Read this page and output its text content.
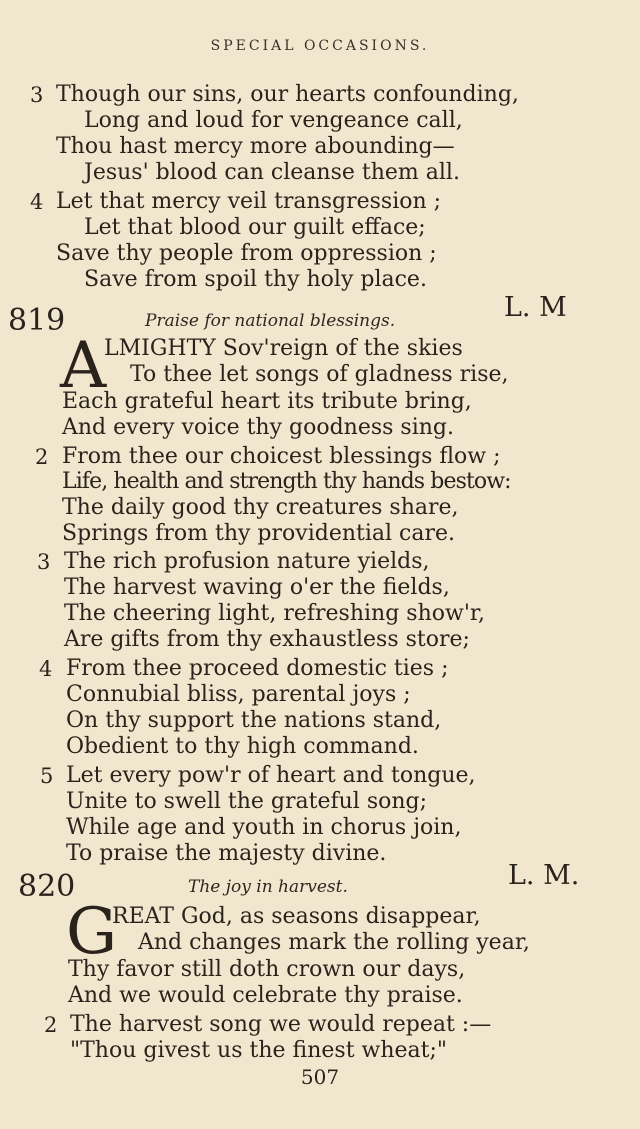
SPECIAL OCCASIONS.
3 Though our sins, our hearts confounding,
Long and loud for vengeance call,
Thou hast mercy more abounding—
Jesus' blood can cleanse them all.
4 Let that mercy veil transgression ;
Let that blood our guilt efface;
Save thy people from oppression ;
Save from spoil thy holy place.
819	Praise for national blessings.	L. M
A
LMIGHTY Sov'reign of the skies
To thee let songs of gladness rise,
Each grateful heart its tribute bring,
And every voice thy goodness sing.
2 From thee our choicest blessings flow ;
Life, health and strength thy hands bestow:
The daily good thy creatures share,
Springs from thy providential care.
3 The rich profusion nature yields,
The harvest waving o'er the fields,
The cheering light, refreshing show'r,
Are gifts from thy exhaustless store;
4 From thee proceed domestic ties ;
Connubial bliss, parental joys ;
On thy support the nations stand,
Obedient to thy high command.
5 Let every pow'r of heart and tongue,
Unite to swell the grateful song;
While age and youth in chorus join,
To praise the majesty divine.
820	The joy in harvest.	L. M.
G
REAT God, as seasons disappear,
And changes mark the rolling year,
Thy favor still doth crown our days,
And we would celebrate thy praise.
2 The harvest song we would repeat :—
"Thou givest us the finest wheat;"
507
